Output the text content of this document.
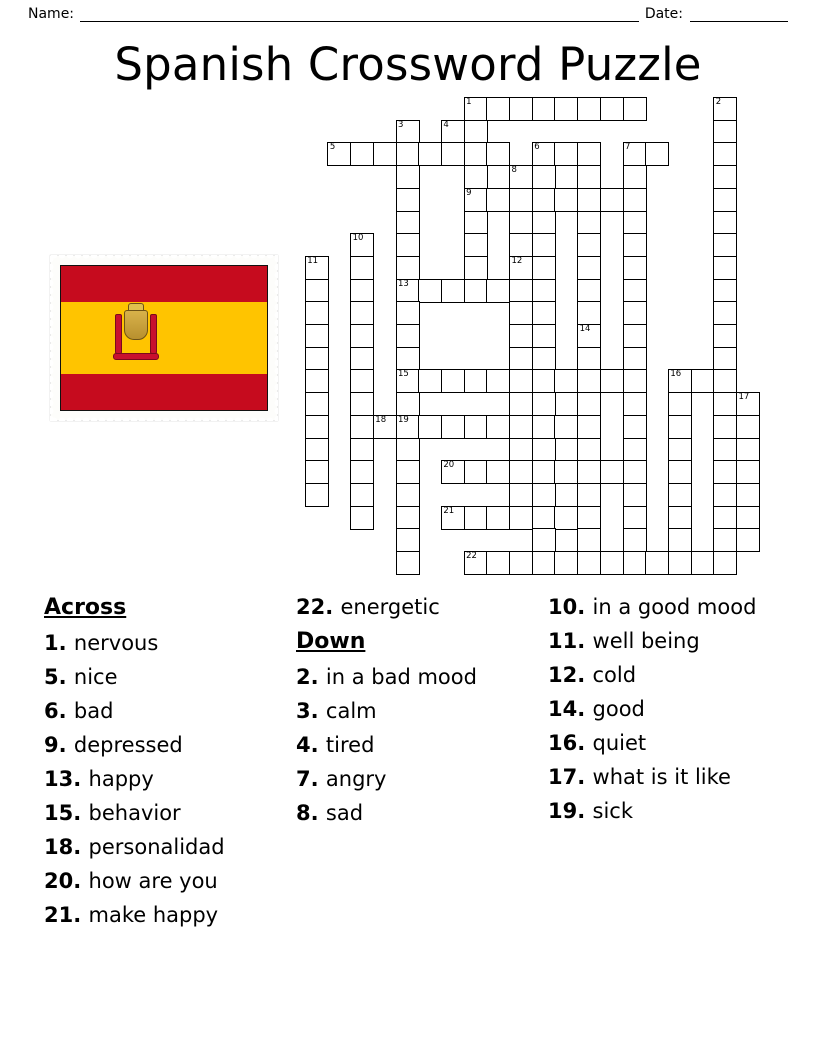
Name:	Date:
Spanish Crossword Puzzle
1	2
3	4
5	6	7
8
9
10
11	12
13
14
15	16
17
18 19
20
21
22
Across
1. nervous
5. nice
6. bad
9. depressed
13. happy
15. behavior
18. personalidad
20. how are you
21. make happy
22. energetic
Down
2. in a bad mood
3. calm
4. tired
7. angry
8. sad
10. in a good mood
11. well being
12. cold
14. good
16. quiet
17. what is it like
19. sick
